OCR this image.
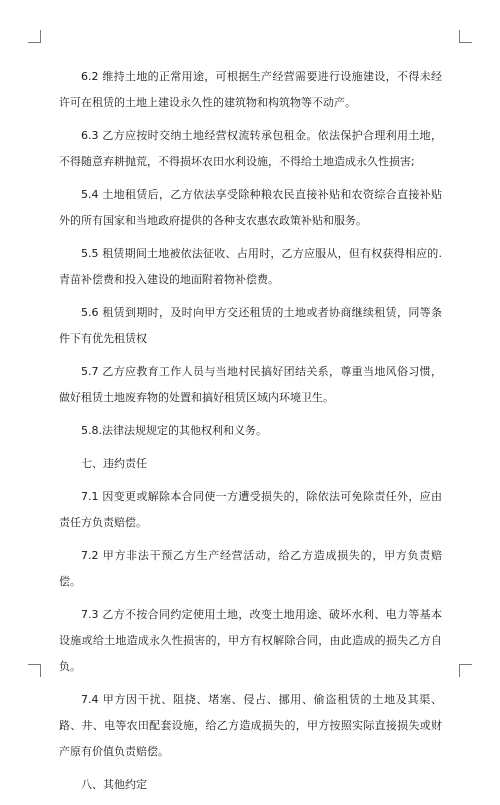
6.2 维持土地的正常用途，可根据生产经营需要进行设施建设，不得未经许可在租赁的土地上建设永久性的建筑物和构筑物等不动产。

6.3 乙方应按时交纳土地经营权流转承包租金。依法保护合理利用土地，不得随意弃耕抛荒，不得损坏农田水利设施，不得给土地造成永久性损害;

5.4 土地租赁后，乙方依法享受除种粮农民直接补贴和农资综合直接补贴外的所有国家和当地政府提供的各种支农惠农政策补贴和服务。

5.5 租赁期间土地被依法征收、占用时，乙方应服从，但有权获得相应的.青苗补偿费和投入建设的地面附着物补偿费。

5.6 租赁到期时，及时向甲方交还租赁的土地或者协商继续租赁，同等条件下有优先租赁权

5.7 乙方应教育工作人员与当地村民搞好团结关系，尊重当地风俗习惯，做好租赁土地废弃物的处置和搞好租赁区域内环境卫生。

5.8.法律法规规定的其他权利和义务。

七、违约责任

7.1 因变更或解除本合同使一方遭受损失的，除依法可免除责任外，应由责任方负责赔偿。

7.2 甲方非法干预乙方生产经营活动，给乙方造成损失的，甲方负责赔偿。

7.3 乙方不按合同约定使用土地，改变土地用途、破坏水利、电力等基本设施或给土地造成永久性损害的，甲方有权解除合同，由此造成的损失乙方自负。

7.4 甲方因干扰、阻挠、堵塞、侵占、挪用、偷盗租赁的土地及其渠、路、井、电等农田配套设施，给乙方造成损失的，甲方按照实际直接损失或财产原有价值负责赔偿。

八、其他约定
